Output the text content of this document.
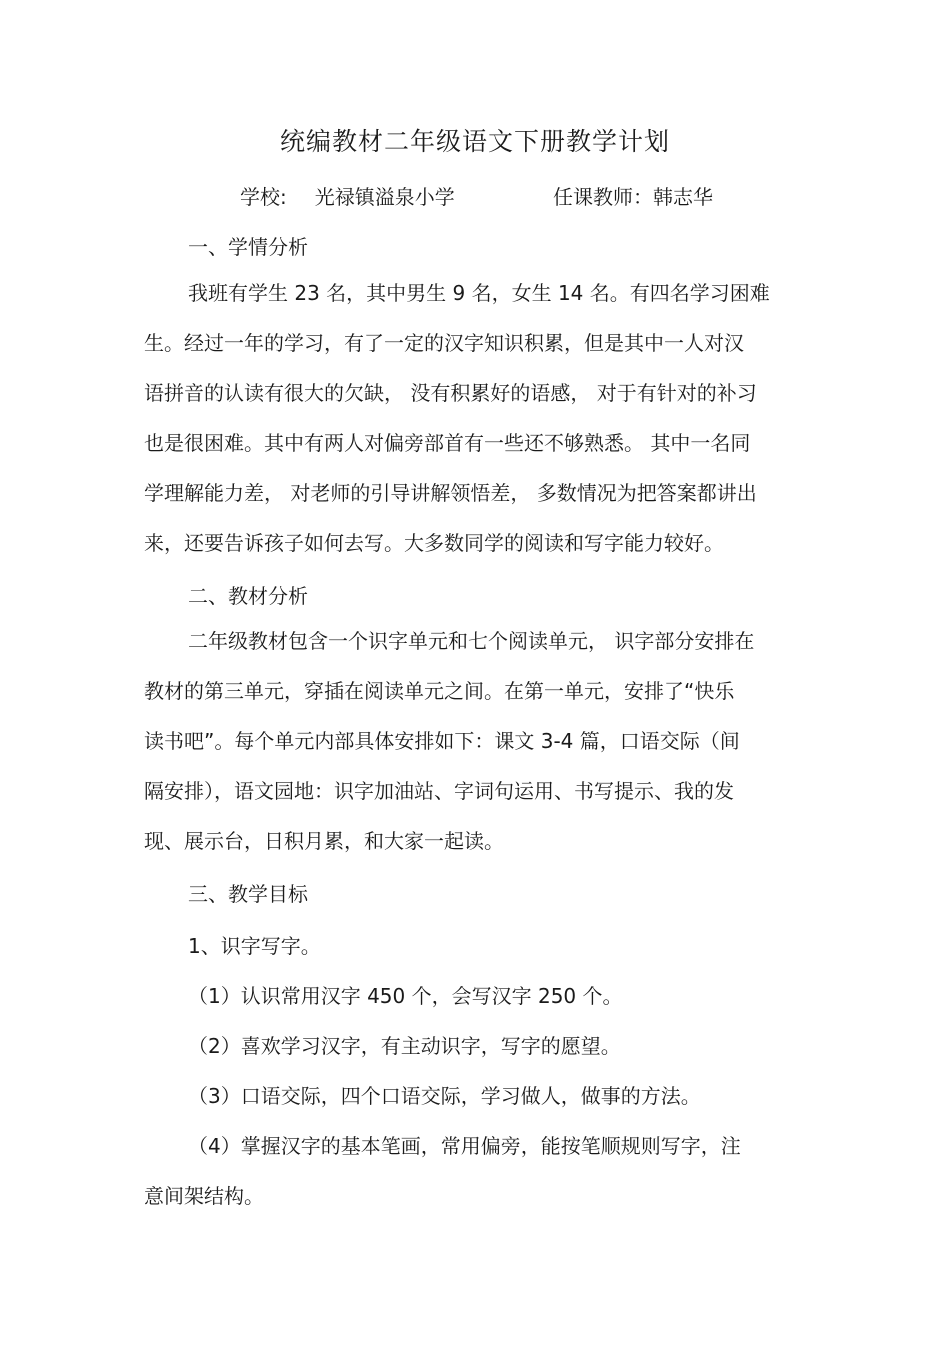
统编教材二年级语文下册教学计划
学校: 光禄镇溢泉小学	任课教师：韩志华
一、学情分析
我班有学生 23 名，其中男生 9 名，女生 14 名。有四名学习困难
生。经过一年的学习，有了一定的汉字知识积累，但是其中一人对汉
语拼音的认读有很大的欠缺， 没有积累好的语感， 对于有针对的补习
也是很困难。其中有两人对偏旁部首有一些还不够熟悉。 其中一名同
学理解能力差， 对老师的引导讲解领悟差， 多数情况为把答案都讲出
来，还要告诉孩子如何去写。大多数同学的阅读和写字能力较好。
二、教材分析
二年级教材包含一个识字单元和七个阅读单元， 识字部分安排在
教材的第三单元，穿插在阅读单元之间。在第一单元，安排了“快乐
读书吧”。每个单元内部具体安排如下：课文 3-4 篇，口语交际（间
隔安排），语文园地：识字加油站、字词句运用、书写提示、我的发
现、展示台，日积月累，和大家一起读。
三、教学目标
1、识字写字。
（1）认识常用汉字 450 个，会写汉字 250 个。
（2）喜欢学习汉字，有主动识字，写字的愿望。
（3）口语交际，四个口语交际，学习做人，做事的方法。
（4）掌握汉字的基本笔画，常用偏旁，能按笔顺规则写字，注
意间架结构。
